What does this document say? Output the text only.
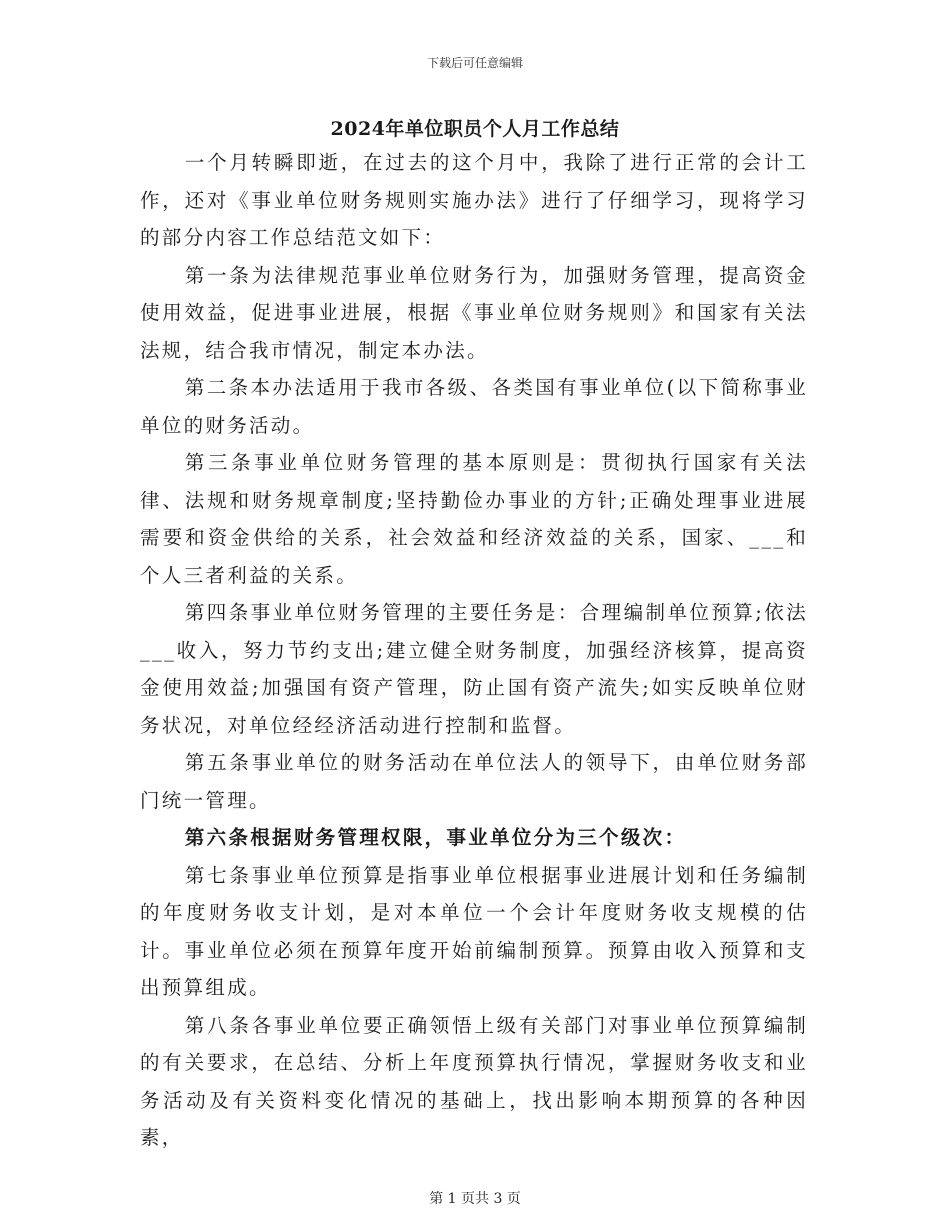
下载后可任意编辑
2024年单位职员个人月工作总结

一个月转瞬即逝，在过去的这个月中，我除了进行正常的会计工作，还对《事业单位财务规则实施办法》进行了仔细学习，现将学习的部分内容工作总结范文如下：

第一条为法律规范事业单位财务行为，加强财务管理，提高资金使用效益，促进事业进展，根据《事业单位财务规则》和国家有关法法规，结合我市情况，制定本办法。

第二条本办法适用于我市各级、各类国有事业单位(以下简称事业单位的财务活动。

第三条事业单位财务管理的基本原则是：贯彻执行国家有关法律、法规和财务规章制度;坚持勤俭办事业的方针;正确处理事业进展需要和资金供给的关系，社会效益和经济效益的关系，国家、___和个人三者利益的关系。

第四条事业单位财务管理的主要任务是：合理编制单位预算;依法___收入，努力节约支出;建立健全财务制度，加强经济核算，提高资金使用效益;加强国有资产管理，防止国有资产流失;如实反映单位财务状况，对单位经经济活动进行控制和监督。

第五条事业单位的财务活动在单位法人的领导下，由单位财务部门统一管理。

第六条根据财务管理权限，事业单位分为三个级次：

第七条事业单位预算是指事业单位根据事业进展计划和任务编制的年度财务收支计划，是对本单位一个会计年度财务收支规模的估计。事业单位必须在预算年度开始前编制预算。预算由收入预算和支出预算组成。

第八条各事业单位要正确领悟上级有关部门对事业单位预算编制的有关要求，在总结、分析上年度预算执行情况，掌握财务收支和业务活动及有关资料变化情况的基础上，找出影响本期预算的各种因素，

第 1 页共 3 页
